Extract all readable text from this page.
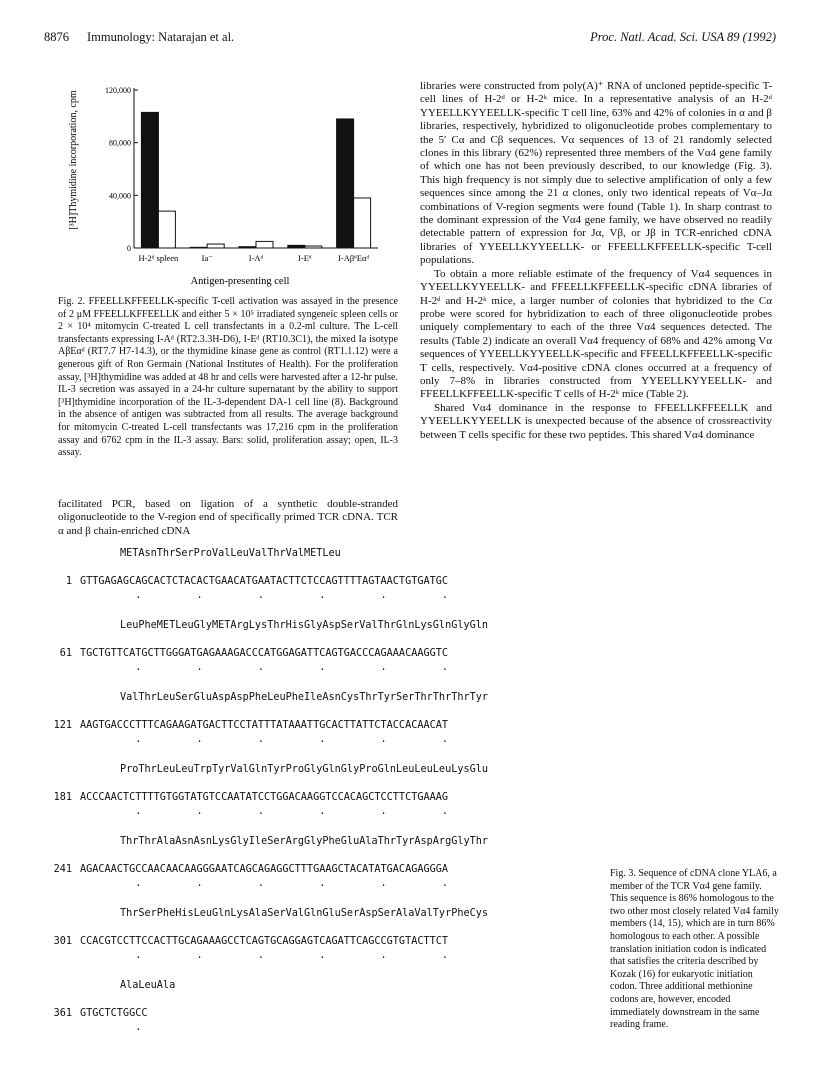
8876 Immunology: Natarajan et al.	Proc. Natl. Acad. Sci. USA 89 (1992)
[³H]Thymidine incorporation, cpm
Antigen-presenting cell
0
40,000
80,000
120,000
H-2ᵈ spleen	Ia⁻	I-Aᵈ	I-Eᵈ	I-AβᵈEαᵈ
Fig. 2. FFEELLKFFEELLK-specific T-cell activation was assayed in the presence of 2 μM FFEELLKFFEELLK and either 5 × 10⁵ irradiated syngeneic spleen cells or 2 × 10⁴ mitomycin C-treated L cell transfectants in a 0.2-ml culture. The L-cell transfectants expressing I-Aᵈ (RT2.3.3H-D6), I-Eᵈ (RT10.3C1), the mixed Ia isotype AβEαᵈ (RT7.7 H7-14.3), or the thymidine kinase gene as control (RT1.1.12) were a generous gift of Ron Germain (National Institutes of Health). For the proliferation assay, [³H]thymidine was added at 48 hr and cells were harvested after a 12-hr pulse. IL-3 secretion was assayed in a 24-hr culture supernatant by the ability to support [³H]thymidine incorporation of the IL-3-dependent DA-1 cell line (8). Background in the absence of antigen was subtracted from all results. The average background for mitomycin C-treated L-cell transfectants was 17,216 cpm in the proliferation assay and 6762 cpm in the IL-3 assay. Bars: solid, proliferation assay; open, IL-3 assay.
facilitated PCR, based on ligation of a synthetic double-stranded oligonucleotide to the V-region end of specifically primed TCR cDNA. TCR α and β chain-enriched cDNA

libraries were constructed from poly(A)⁺ RNA of uncloned peptide-specific T-cell lines of H-2ᵈ or H-2ᵏ mice. In a representative analysis of an H-2ᵈ YYEELLKYYEELLK-specific T cell line, 63% and 42% of colonies in α and β libraries, respectively, hybridized to oligonucleotide probes complementary to the 5′ Cα and Cβ sequences. Vα sequences of 13 of 21 randomly selected clones in this library (62%) represented three members of the Vα4 gene family of which one has not been previously described, to our knowledge (Fig. 3). This high frequency is not simply due to selective amplification of only a few sequences since among the 21 α clones, only two identical repeats of Vα–Jα combinations of V-region segments were found (Table 1). In sharp contrast to the dominant expression of the Vα4 gene family, we have observed no readily detectable pattern of expression for Jα, Vβ, or Jβ in TCR-enriched cDNA libraries of YYEELLKYYEELLK- or FFEELLKFFEELLK-specific T-cell populations.

To obtain a more reliable estimate of the frequency of Vα4 sequences in YYEELLKYYEELLK- and FFEELLKFFEELLK-specific cDNA libraries of H-2ᵈ and H-2ᵏ mice, a larger number of colonies that hybridized to the Cα probe were scored for hybridization to each of three oligonucleotide probes uniquely complementary to each of the three Vα4 sequences detected. The results (Table 2) indicate an overall Vα4 frequency of 68% and 42% among Vα sequences of YYEELLKYYEELLK-specific and FFEELLKFFEELLK-specific T cells, respectively. Vα4-positive cDNA clones occurred at a frequency of only 7–8% in libraries constructed from YYEELLKYYEELLK- and FFEELLKFFEELLK-specific T cells of H-2ᵏ mice (Table 2).

Shared Vα4 dominance in the response to FFEELLKFFEELLK and YYEELLKYYEELLK is unexpected because of the absence of crossreactivity between T cells specific for these two peptides. This shared Vα4 dominance

METAsnThrSerProValLeuValThrValMETLeu
1 GTTGAGAGCAGCACTCTACACTGAACATGAATACTTCTCCAGTTTTAGTAACTGTGATGC
.         .         .         .         .         .
LeuPheMETLeuGlyMETArgLysThrHisGlyAspSerValThrGlnLysGlnGlyGln
61 TGCTGTTCATGCTTGGGATGAGAAAGACCCATGGAGATTCAGTGACCCAGAAACAAGGTC
.         .         .         .         .         .
ValThrLeuSerGluAspAspPheLeuPheIleAsnCysThrTyrSerThrThrThrTyr
121 AAGTGACCCTTTCAGAAGATGACTTCCTATTTATAAATTGCACTTATTCTACCACAACAT
.         .         .         .         .         .
ProThrLeuLeuTrpTyrValGlnTyrProGlyGlnGlyProGlnLeuLeuLeuLysGlu
181 ACCCAACTCTTTTGTGGTATGTCCAATATCCTGGACAAGGTCCACAGCTCCTTCTGAAAG
.         .         .         .         .         .
ThrThrAlaAsnAsnLysGlyIleSerArgGlyPheGluAlaThrTyrAspArgGlyThr
241 AGACAACTGCCAACAACAAGGGAATCAGCAGAGGCTTTGAAGCTACATATGACAGAGGGA
.         .         .         .         .         .
ThrSerPheHisLeuGlnLysAlaSerValGlnGluSerAspSerAlaValTyrPheCys
301 CCACGTCCTTCCACTTGCAGAAAGCCTCAGTGCAGGAGTCAGATTCAGCCGTGTACTTCT
.         .         .         .         .         .
AlaLeuAla
361 GTGCTCTGGCC
.
Fig. 3. Sequence of cDNA clone YLA6, a member of the TCR Vα4 gene family. This sequence is 86% homologous to the two other most closely related Vα4 family members (14, 15), which are in turn 86% homologous to each other. A possible translation initiation codon is indicated that satisfies the criteria described by Kozak (16) for eukaryotic initiation codon. Three additional methionine codons are, however, encoded immediately downstream in the same reading frame.
